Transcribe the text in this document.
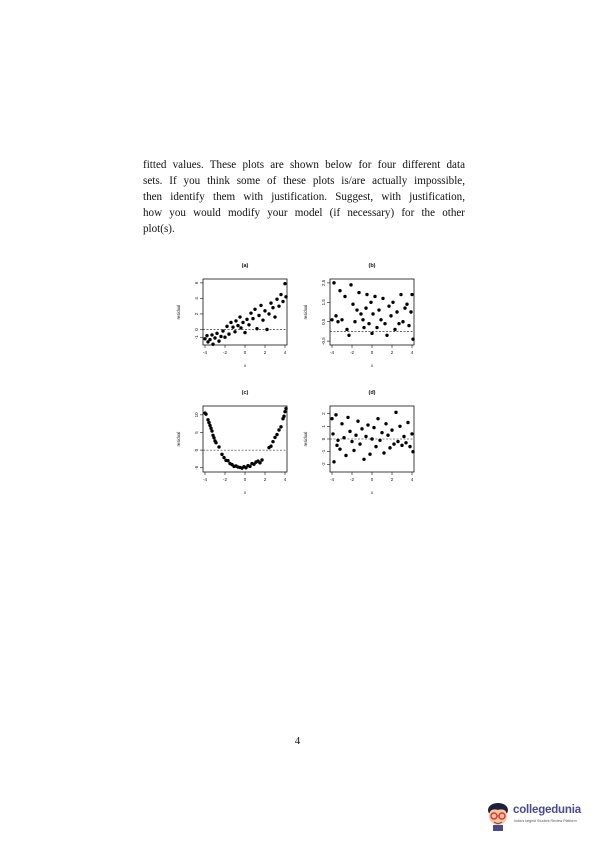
fitted values. These plots are shown below for four different data
sets. If you think some of these plots is/are actually impossible,
then identify them with justification. Suggest, with justification,
how you would modify your model (if necessary) for the other
plot(s).
(a)
-4	-2	0	2	4
x
-1
0
2
4
6
residual
(b)
-4	-2	0	2	4
x
-0.5
0.5
1.5
2.5
residual
(c)
-4	-2	0	2	4
x
-5
0
5
10
residual
(d)
-4	-2	0	2	4
x
-2
-1
0
1
2
residual
4
collegedunia
India's largest Student Review Platform
